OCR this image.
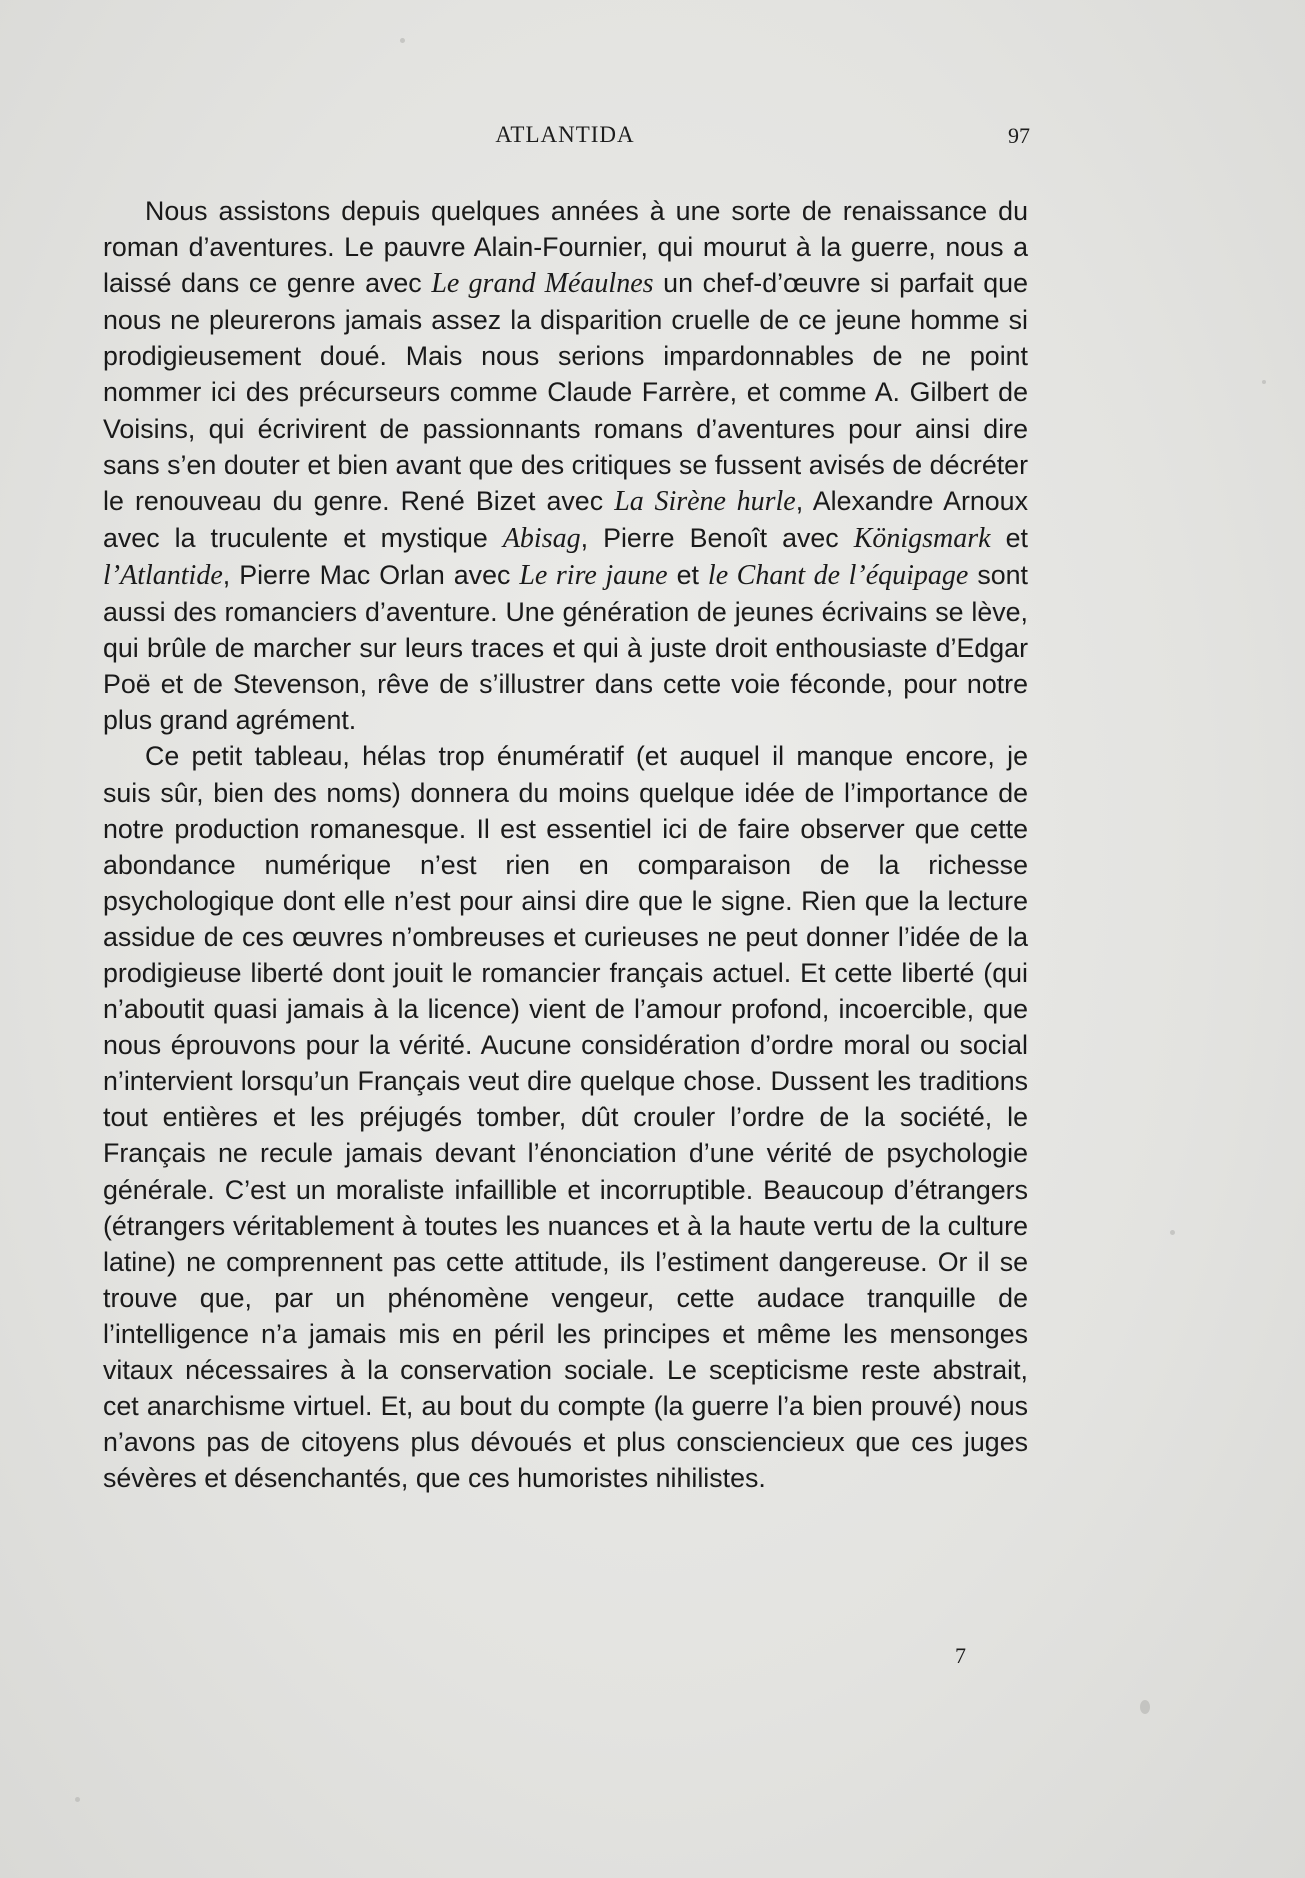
ATLANTIDA	97

Nous assistons depuis quelques années à une sorte de renaissance du roman d’aventures. Le pauvre Alain-Fournier, qui mourut à la guerre, nous a laissé dans ce genre avec Le grand Méaulnes un chef-d’œuvre si parfait que nous ne pleurerons jamais assez la disparition cruelle de ce jeune homme si prodigieusement doué. Mais nous serions impardonnables de ne point nommer ici des précurseurs comme Claude Farrère, et comme A. Gilbert de Voisins, qui écrivirent de passionnants romans d’aventures pour ainsi dire sans s’en douter et bien avant que des critiques se fussent avisés de décréter le renouveau du genre. René Bizet avec La Sirène hurle, Alexandre Arnoux avec la truculente et mystique Abisag, Pierre Benoît avec Königsmark et l’Atlantide, Pierre Mac Orlan avec Le rire jaune et le Chant de l’équipage sont aussi des romanciers d’aventure. Une génération de jeunes écrivains se lève, qui brûle de marcher sur leurs traces et qui à juste droit enthousiaste d’Edgar Poë et de Stevenson, rêve de s’illustrer dans cette voie féconde, pour notre plus grand agrément.

Ce petit tableau, hélas trop énumératif (et auquel il manque encore, je suis sûr, bien des noms) donnera du moins quelque idée de l’importance de notre production romanesque. Il est essentiel ici de faire observer que cette abondance numérique n’est rien en comparaison de la richesse psychologique dont elle n’est pour ainsi dire que le signe. Rien que la lecture assidue de ces œuvres n’ombreuses et curieuses ne peut donner l’idée de la prodigieuse liberté dont jouit le romancier français actuel. Et cette liberté (qui n’aboutit quasi jamais à la licence) vient de l’amour profond, incoercible, que nous éprouvons pour la vérité. Aucune considération d’ordre moral ou social n’intervient lorsqu’un Français veut dire quelque chose. Dussent les traditions tout entières et les préjugés tomber, dût crouler l’ordre de la société, le Français ne recule jamais devant l’énonciation d’une vérité de psychologie générale. C’est un moraliste infaillible et incorruptible. Beaucoup d’étrangers (étrangers véritablement à toutes les nuances et à la haute vertu de la culture latine) ne comprennent pas cette attitude, ils l’estiment dangereuse. Or il se trouve que, par un phénomène vengeur, cette audace tranquille de l’intelligence n’a jamais mis en péril les principes et même les mensonges vitaux nécessaires à la conservation sociale. Le scepticisme reste abstrait, cet anarchisme virtuel. Et, au bout du compte (la guerre l’a bien prouvé) nous n’avons pas de citoyens plus dévoués et plus consciencieux que ces juges sévères et désenchantés, que ces humoristes nihilistes.

7
